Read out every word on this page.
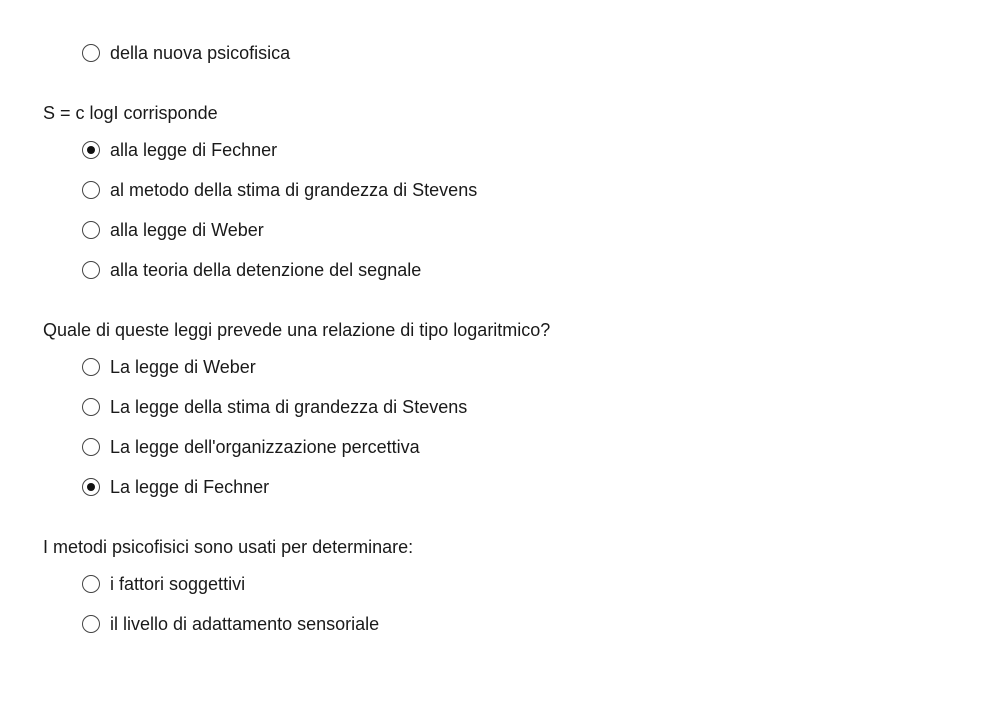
della nuova psicofisica
S = c logI corrisponde
alla legge di Fechner
al metodo della stima di grandezza di Stevens
alla legge di Weber
alla teoria della detenzione del segnale
Quale di queste leggi prevede una relazione di tipo logaritmico?
La legge di Weber
La legge della stima di grandezza di Stevens
La legge dell'organizzazione percettiva
La legge di Fechner
I metodi psicofisici sono usati per determinare:
i fattori soggettivi
il livello di adattamento sensoriale
